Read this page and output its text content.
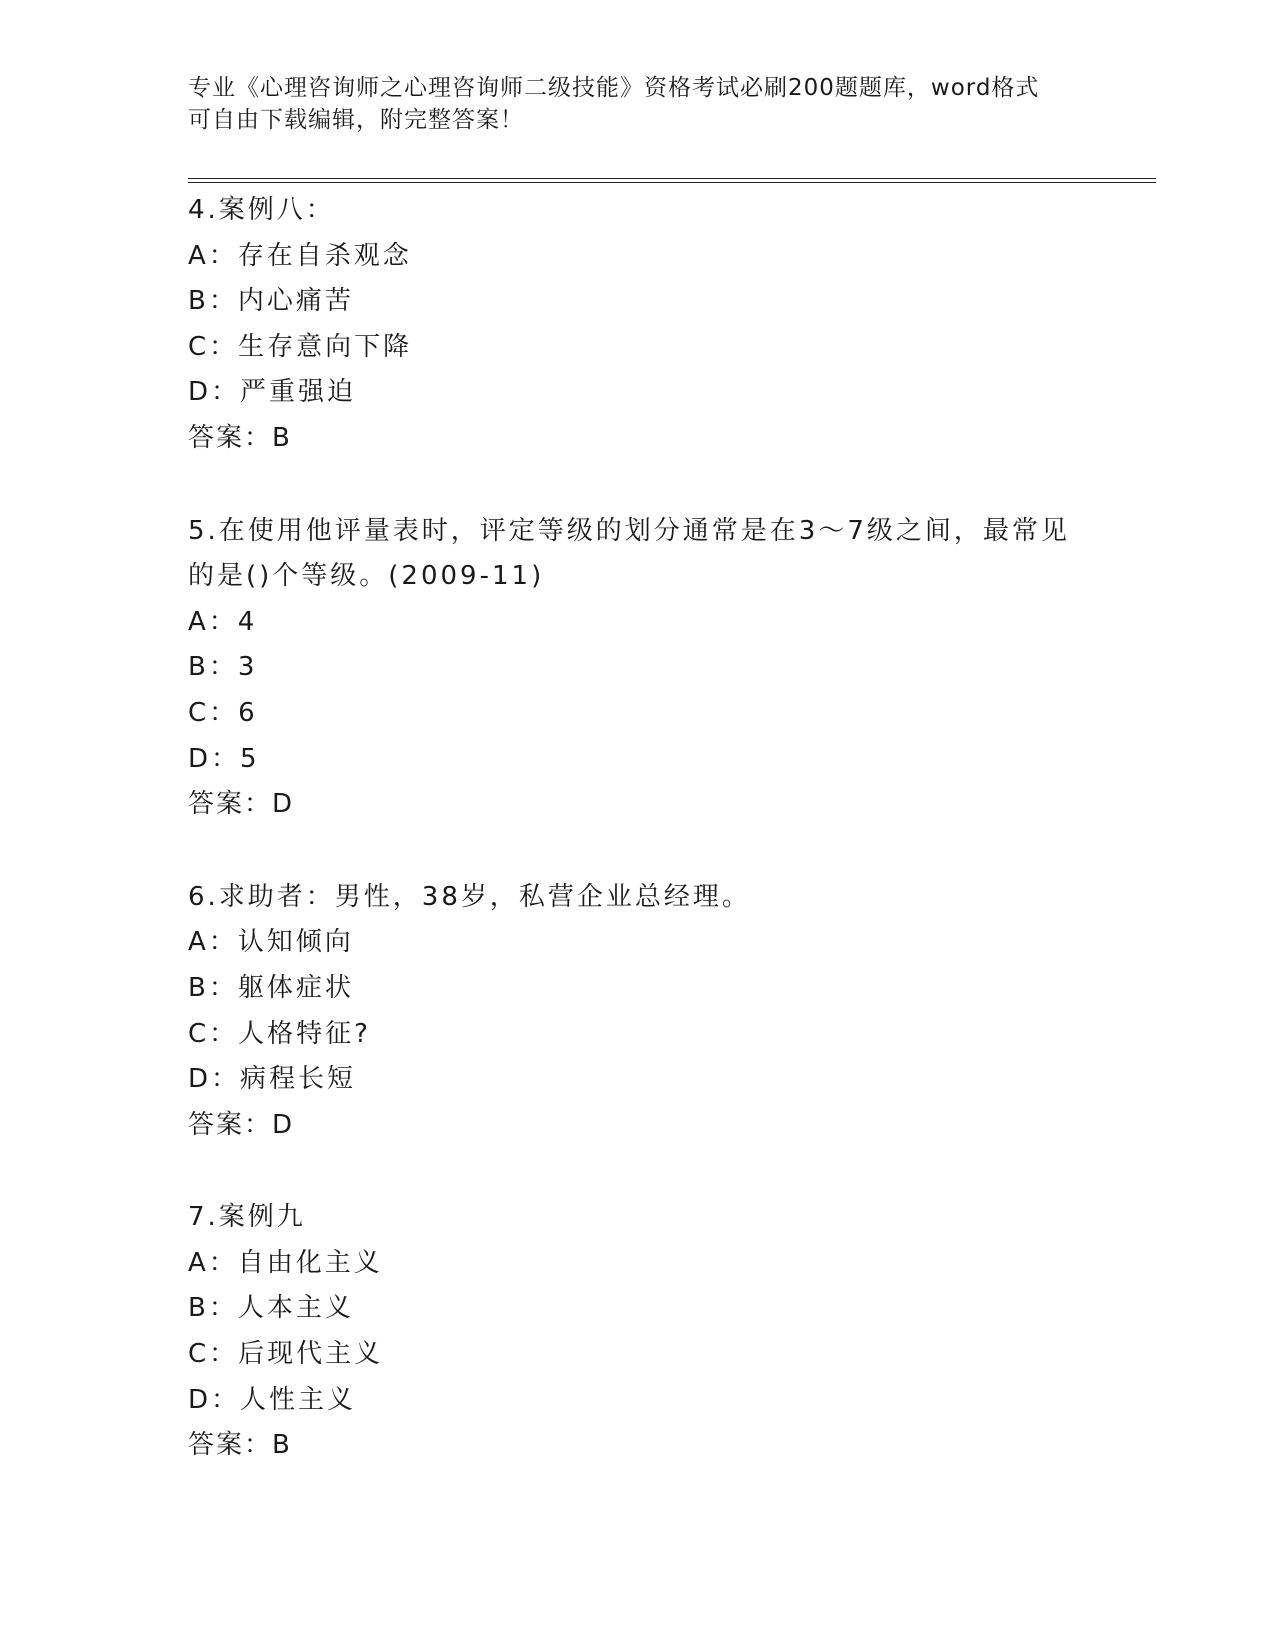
专业《心理咨询师之心理咨询师二级技能》资格考试必刷200题题库，word格式
可自由下载编辑，附完整答案！
4.案例八：
A：存在自杀观念
B：内心痛苦
C：生存意向下降
D：严重强迫
答案：B
5.在使用他评量表时，评定等级的划分通常是在3～7级之间，最常见
的是()个等级。(2009-11)
A：4
B：3
C：6
D：5
答案：D
6.求助者：男性，38岁，私营企业总经理。
A：认知倾向
B：躯体症状
C：人格特征?
D：病程长短
答案：D
7.案例九
A：自由化主义
B：人本主义
C：后现代主义
D：人性主义
答案：B
